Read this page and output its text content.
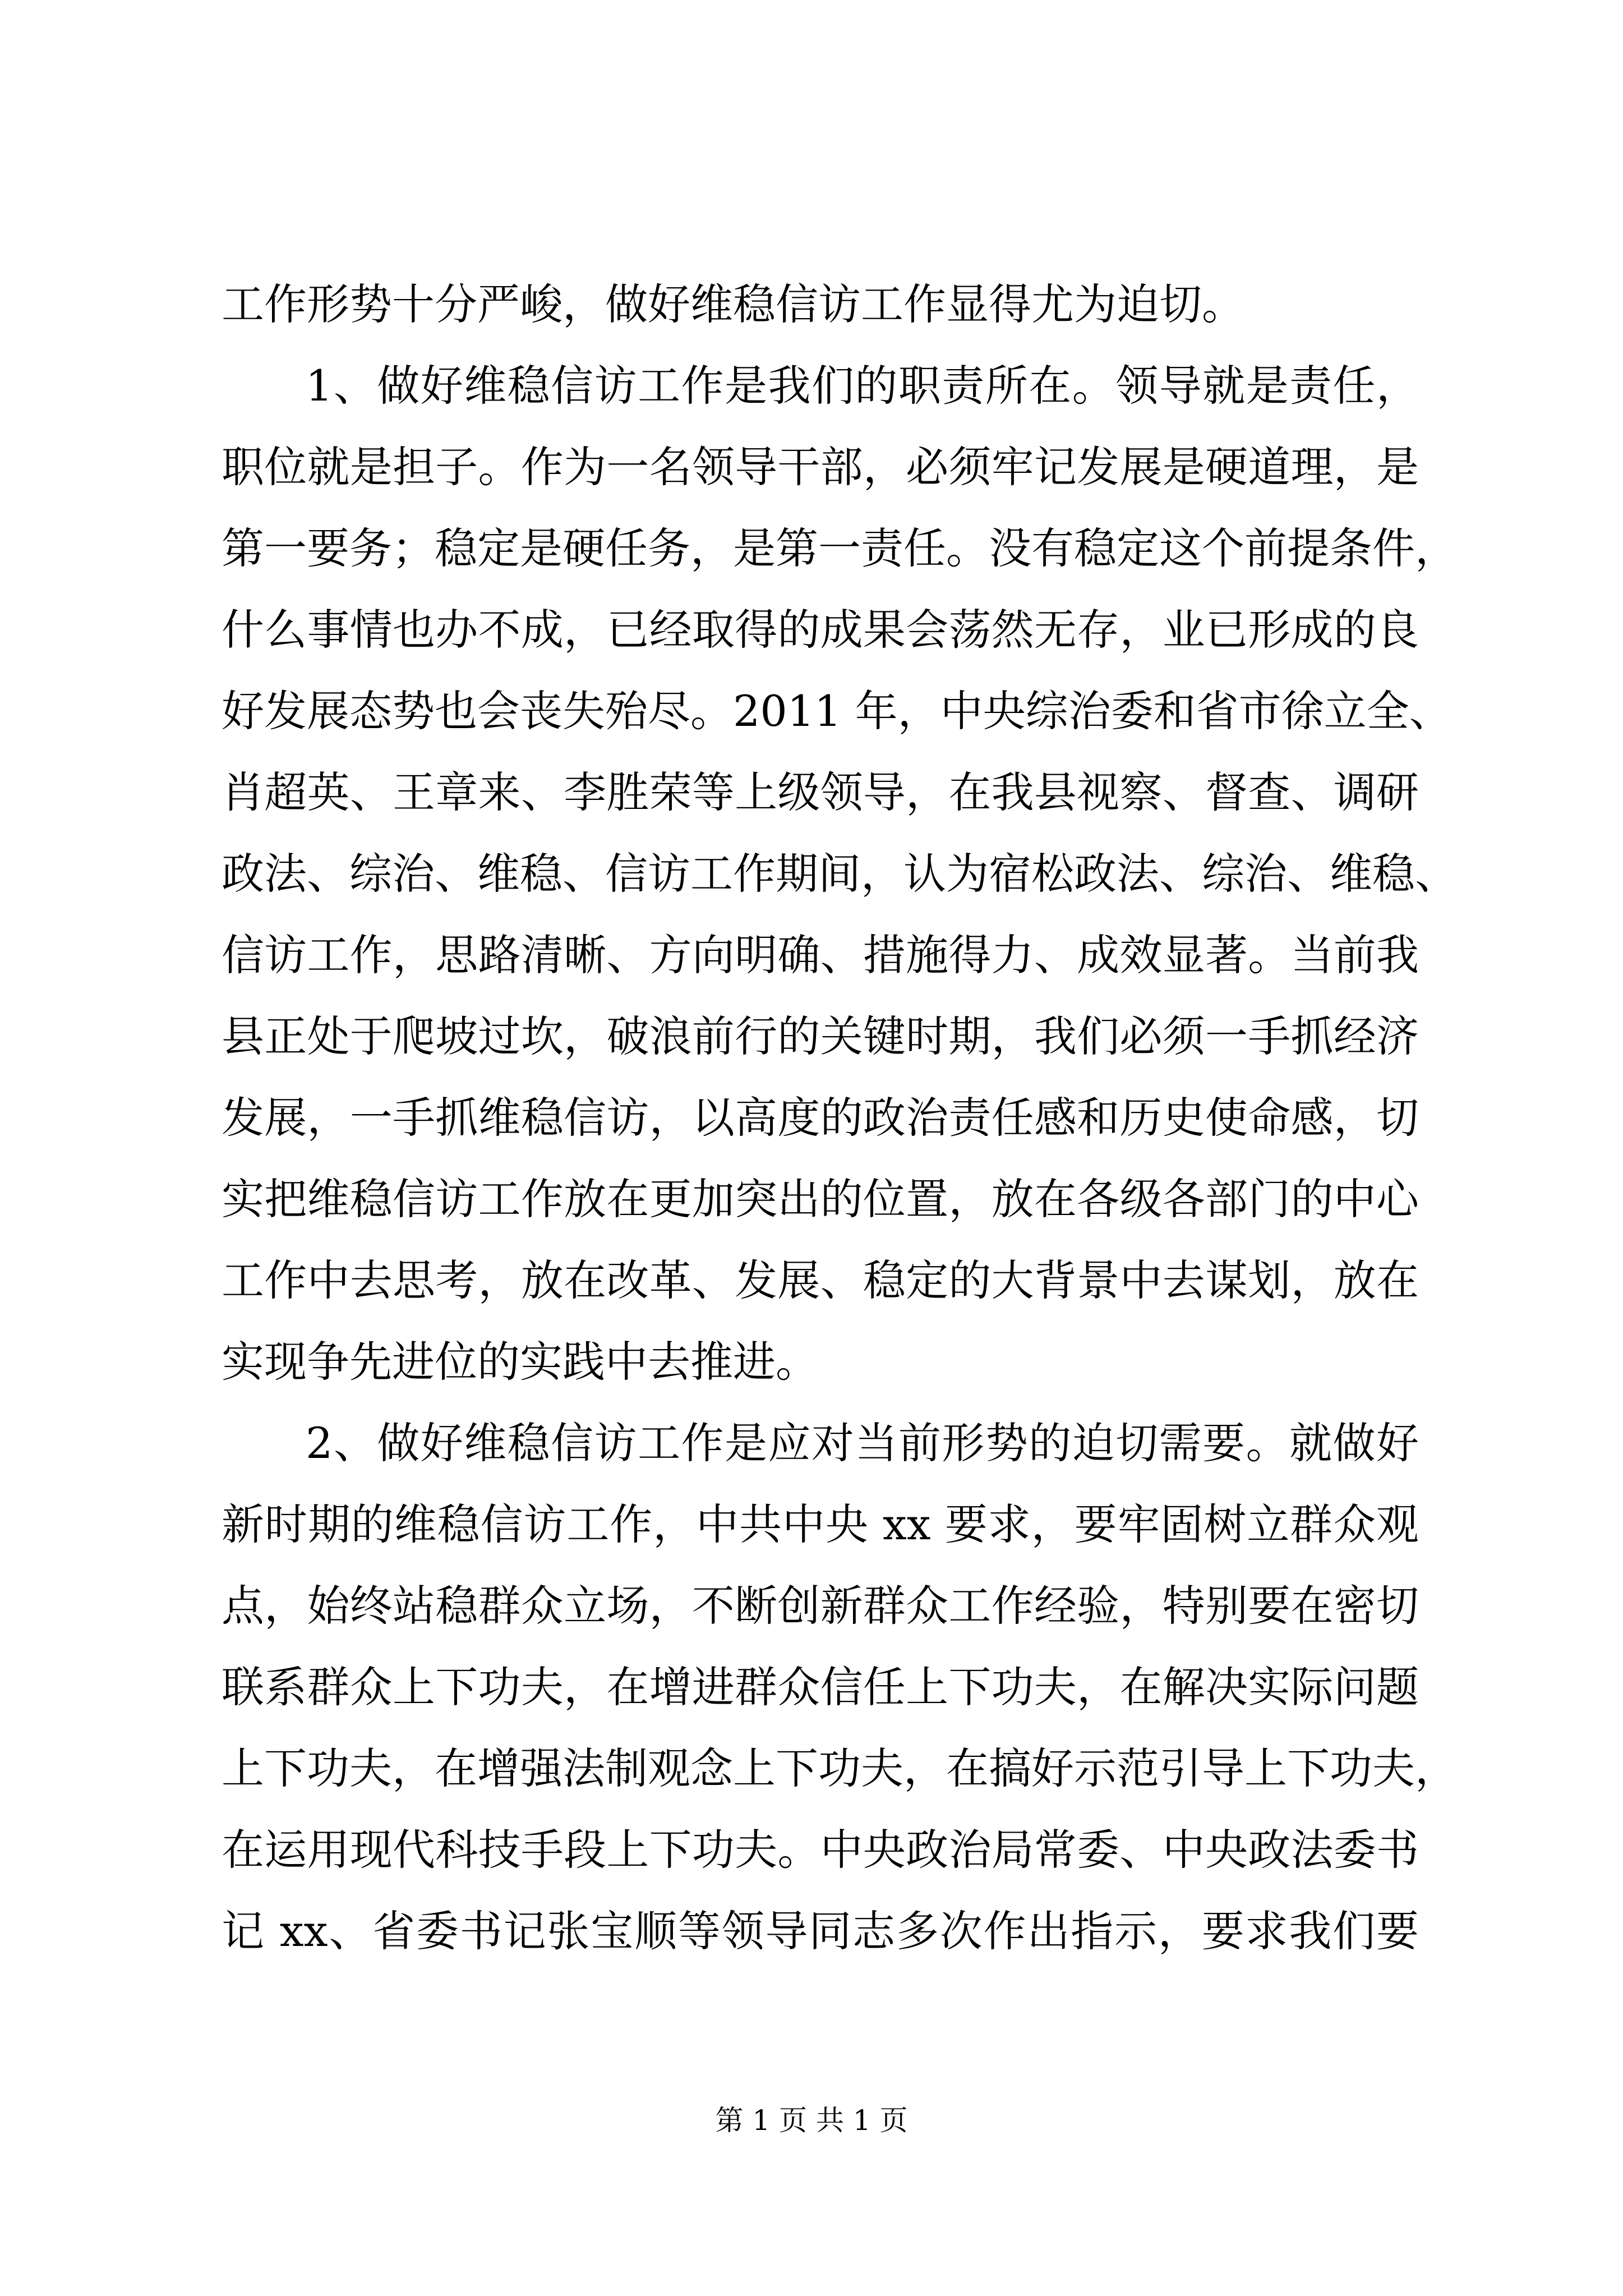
工作形势十分严峻，做好维稳信访工作显得尤为迫切。
1、做好维稳信访工作是我们的职责所在。领导就是责任，
职位就是担子。作为一名领导干部，必须牢记发展是硬道理，是
第一要务；稳定是硬任务，是第一责任。没有稳定这个前提条件，
什么事情也办不成，已经取得的成果会荡然无存，业已形成的良
好发展态势也会丧失殆尽。2011 年，中央综治委和省市徐立全、
肖超英、王章来、李胜荣等上级领导，在我县视察、督查、调研
政法、综治、维稳、信访工作期间，认为宿松政法、综治、维稳、
信访工作，思路清晰、方向明确、措施得力、成效显著。当前我
县正处于爬坡过坎，破浪前行的关键时期，我们必须一手抓经济
发展，一手抓维稳信访，以高度的政治责任感和历史使命感，切
实把维稳信访工作放在更加突出的位置，放在各级各部门的中心
工作中去思考，放在改革、发展、稳定的大背景中去谋划，放在
实现争先进位的实践中去推进。
2、做好维稳信访工作是应对当前形势的迫切需要。就做好
新时期的维稳信访工作，中共中央 xx 要求，要牢固树立群众观
点，始终站稳群众立场，不断创新群众工作经验，特别要在密切
联系群众上下功夫，在增进群众信任上下功夫，在解决实际问题
上下功夫，在增强法制观念上下功夫，在搞好示范引导上下功夫，
在运用现代科技手段上下功夫。中央政治局常委、中央政法委书
记 xx、省委书记张宝顺等领导同志多次作出指示，要求我们要
第 1 页 共 1 页
